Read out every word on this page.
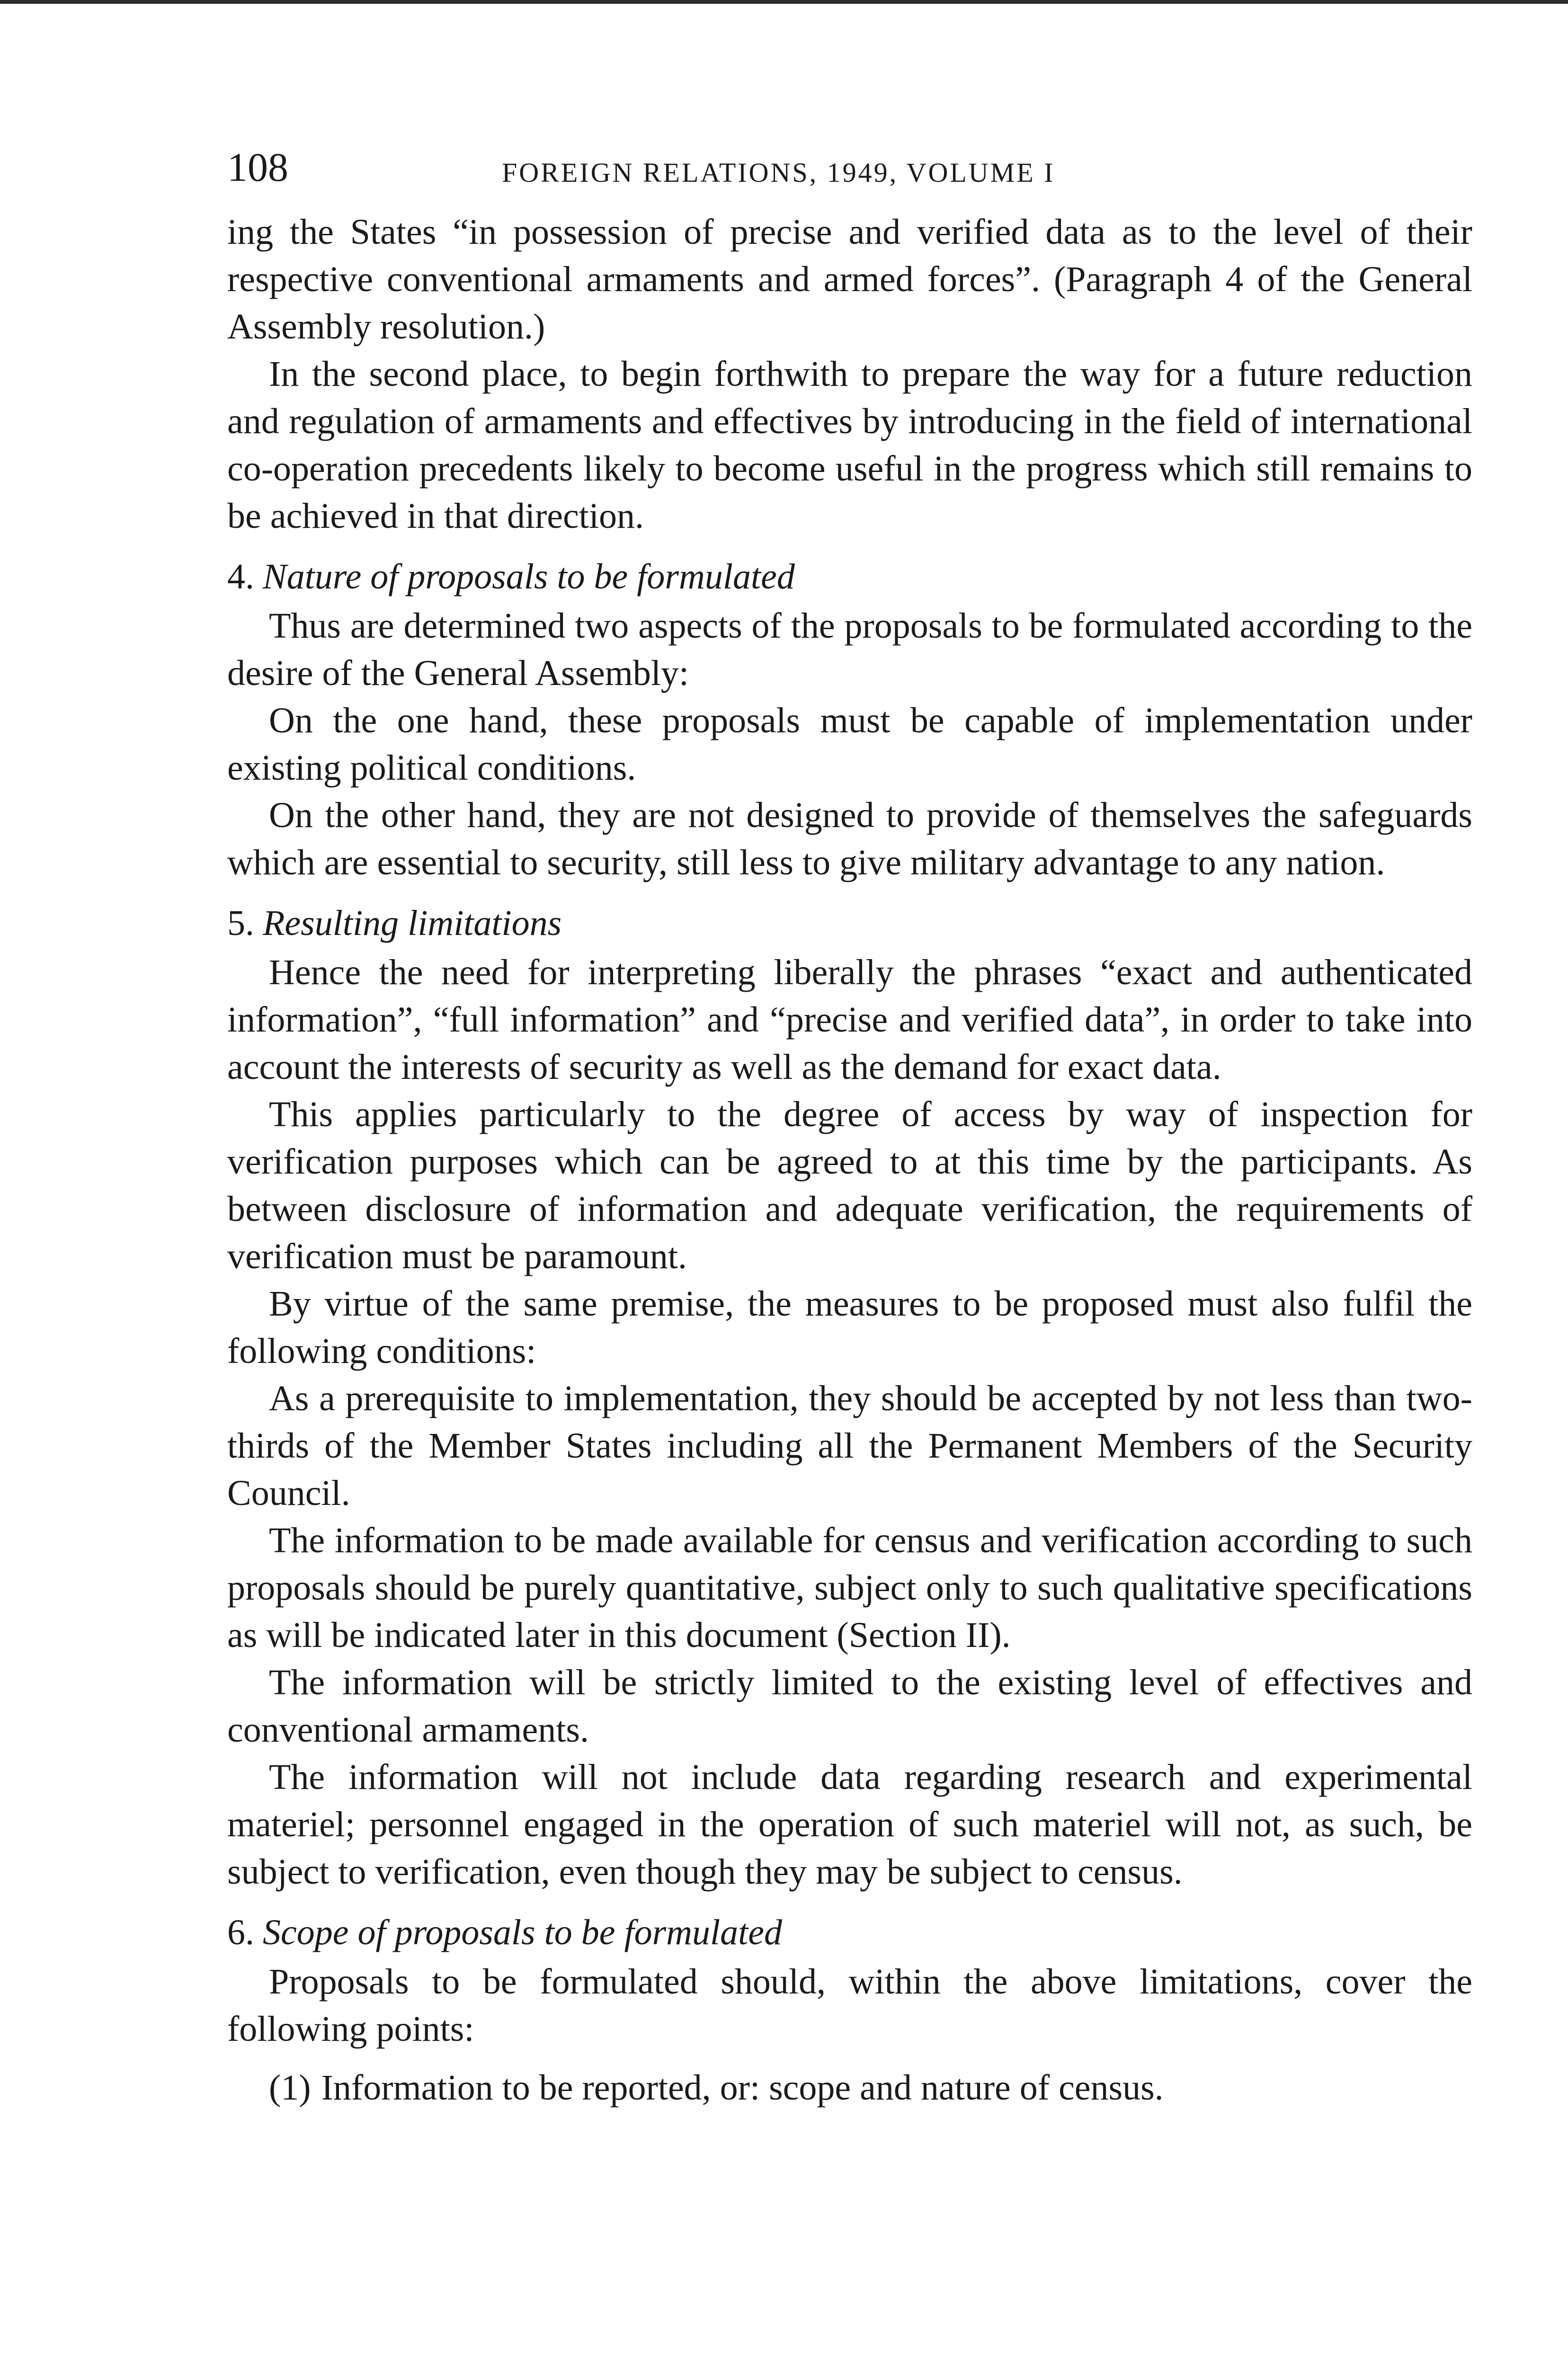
108	FOREIGN RELATIONS, 1949, VOLUME I

ing the States “in possession of precise and verified data as to the level of their respective conventional armaments and armed forces”. (Paragraph 4 of the General Assembly resolution.)

In the second place, to begin forthwith to prepare the way for a future reduction and regulation of armaments and effectives by introducing in the field of international co-operation precedents likely to become useful in the progress which still remains to be achieved in that direction.

4. Nature of proposals to be formulated

Thus are determined two aspects of the proposals to be formulated according to the desire of the General Assembly:

On the one hand, these proposals must be capable of implementation under existing political conditions.

On the other hand, they are not designed to provide of themselves the safeguards which are essential to security, still less to give military advantage to any nation.

5. Resulting limitations

Hence the need for interpreting liberally the phrases “exact and authenticated information”, “full information” and “precise and verified data”, in order to take into account the interests of security as well as the demand for exact data.

This applies particularly to the degree of access by way of inspection for verification purposes which can be agreed to at this time by the participants. As between disclosure of information and adequate verification, the requirements of verification must be paramount.

By virtue of the same premise, the measures to be proposed must also fulfil the following conditions:

As a prerequisite to implementation, they should be accepted by not less than two-thirds of the Member States including all the Permanent Members of the Security Council.

The information to be made available for census and verification according to such proposals should be purely quantitative, subject only to such qualitative specifications as will be indicated later in this document (Section II).

The information will be strictly limited to the existing level of effectives and conventional armaments.

The information will not include data regarding research and experimental materiel; personnel engaged in the operation of such materiel will not, as such, be subject to verification, even though they may be subject to census.

6. Scope of proposals to be formulated

Proposals to be formulated should, within the above limitations, cover the following points:

(1) Information to be reported, or: scope and nature of census.
